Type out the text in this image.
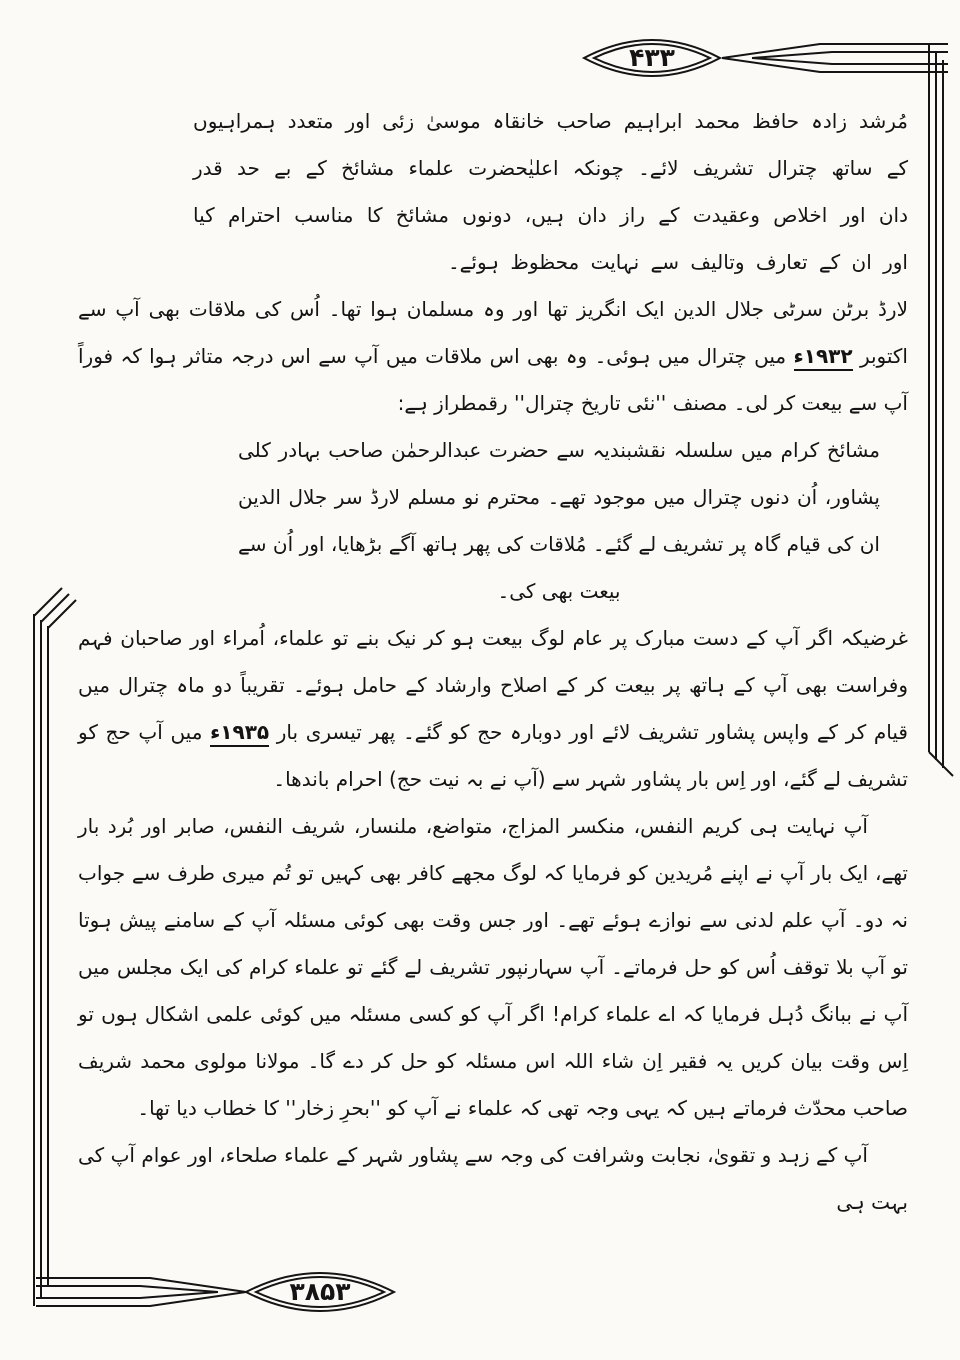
۴۳۳
۳۸۵۳

مُرشد زادہ حافظ محمد ابراہیم صاحب خانقاہ موسیٰ زئی اور متعدد ہمراہیوں کے ساتھ چترال تشریف لائے۔ چونکہ اعلیٰحضرت علماء مشائخ کے بے حد قدر دان اور اخلاص وعقیدت کے راز دان ہیں، دونوں مشائخ کا مناسب احترام کیا اور ان کے تعارف وتالیف سے نہایت محظوظ ہوئے۔

لارڈ برٹن سرٹی جلال الدین ایک انگریز تھا اور وہ مسلمان ہوا تھا۔ اُس کی ملاقات بھی آپ سے اکتوبر ۱۹۳۲ء میں چترال میں ہوئی۔ وہ بھی اس ملاقات میں آپ سے اس درجہ متاثر ہوا کہ فوراً آپ سے بیعت کر لی۔ مصنف ''نئی تاریخ چترال'' رقمطراز ہے:

مشائخ کرام میں سلسلہ نقشبندیہ سے حضرت عبدالرحمٰن صاحب بہادر کلی پشاور، اُن دنوں چترال میں موجود تھے۔ محترم نو مسلم لارڈ سر جلال الدین ان کی قیام گاہ پر تشریف لے گئے۔ مُلاقات کی پھر ہاتھ آگے بڑھایا، اور اُن سے بیعت بھی کی۔

غرضیکہ اگر آپ کے دست مبارک پر عام لوگ بیعت ہو کر نیک بنے تو علماء، اُمراء اور صاحبان فہم وفراست بھی آپ کے ہاتھ پر بیعت کر کے اصلاح وارشاد کے حامل ہوئے۔ تقریباً دو ماہ چترال میں قیام کر کے واپس پشاور تشریف لائے اور دوبارہ حج کو گئے۔ پھر تیسری بار ۱۹۳۵ء میں آپ حج کو تشریف لے گئے، اور اِس بار پشاور شہر سے (آپ نے بہ نیت حج) احرام باندھا۔

آپ نہایت ہی کریم النفس، منکسر المزاج، متواضع، ملنسار، شریف النفس، صابر اور بُرد بار تھے، ایک بار آپ نے اپنے مُریدین کو فرمایا کہ لوگ مجھے کافر بھی کہیں تو تُم میری طرف سے جواب نہ دو۔ آپ علم لدنی سے نوازے ہوئے تھے۔ اور جس وقت بھی کوئی مسئلہ آپ کے سامنے پیش ہوتا تو آپ بلا توقف اُس کو حل فرماتے۔ آپ سہارنپور تشریف لے گئے تو علماء کرام کی ایک مجلس میں آپ نے ببانگ دُہل فرمایا کہ اے علماء کرام! اگر آپ کو کسی مسئلہ میں کوئی علمی اشکال ہوں تو اِس وقت بیان کریں یہ فقیر اِن شاء اللہ اس مسئلہ کو حل کر دے گا۔ مولانا مولوی محمد شریف صاحب محدّث فرماتے ہیں کہ یہی وجہ تھی کہ علماء نے آپ کو ''بحرِ زخار'' کا خطاب دیا تھا۔

آپ کے زہد و تقویٰ، نجابت وشرافت کی وجہ سے پشاور شہر کے علماء صلحاء، اور عوام آپ کی بہت ہی
